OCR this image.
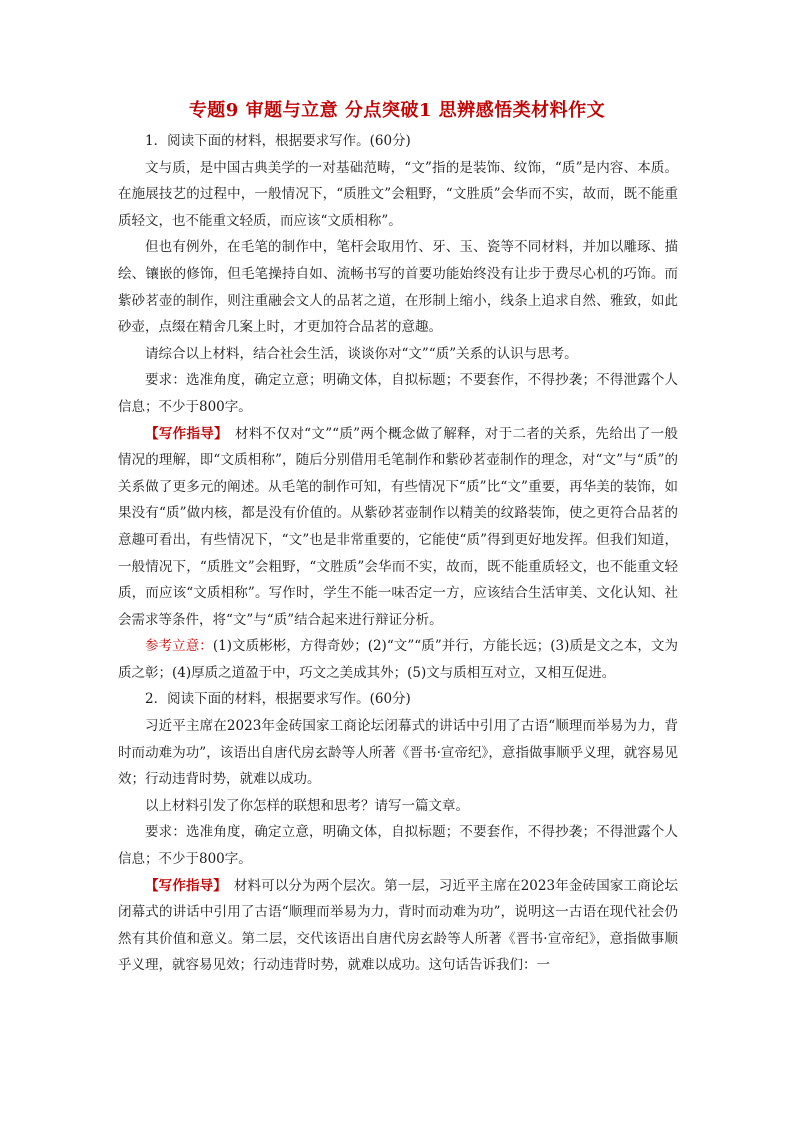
专题9 审题与立意 分点突破1 思辨感悟类材料作文

1．阅读下面的材料，根据要求写作。(60分)

文与质，是中国古典美学的一对基础范畴，“文”指的是装饰、纹饰，“质”是内容、本质。在施展技艺的过程中，一般情况下，“质胜文”会粗野，“文胜质”会华而不实，故而，既不能重质轻文，也不能重文轻质，而应该“文质相称”。

但也有例外，在毛笔的制作中，笔杆会取用竹、牙、玉、瓷等不同材料，并加以雕琢、描绘、镶嵌的修饰，但毛笔操持自如、流畅书写的首要功能始终没有让步于费尽心机的巧饰。而紫砂茗壶的制作，则注重融会文人的品茗之道，在形制上缩小，线条上追求自然、雅致，如此砂壶，点缀在精舍几案上时，才更加符合品茗的意趣。

请综合以上材料，结合社会生活，谈谈你对“文”“质”关系的认识与思考。

要求：选准角度，确定立意；明确文体，自拟标题；不要套作，不得抄袭；不得泄露个人信息；不少于800字。

【写作指导】　材料不仅对“文”“质”两个概念做了解释，对于二者的关系，先给出了一般情况的理解，即“文质相称”，随后分别借用毛笔制作和紫砂茗壶制作的理念，对“文”与“质”的关系做了更多元的阐述。从毛笔的制作可知，有些情况下“质”比“文”重要，再华美的装饰，如果没有“质”做内核，都是没有价值的。从紫砂茗壶制作以精美的纹路装饰，使之更符合品茗的意趣可看出，有些情况下，“文”也是非常重要的，它能使“质”得到更好地发挥。但我们知道，一般情况下，“质胜文”会粗野，“文胜质”会华而不实，故而，既不能重质轻文，也不能重文轻质，而应该“文质相称”。写作时，学生不能一味否定一方，应该结合生活审美、文化认知、社会需求等条件，将“文”与“质”结合起来进行辩证分析。

参考立意：(1)文质彬彬，方得奇妙；(2)“文”“质”并行，方能长远；(3)质是文之本，文为质之彰；(4)厚质之道盈于中，巧文之美成其外；(5)文与质相互对立，又相互促进。

2．阅读下面的材料，根据要求写作。(60分)

习近平主席在2023年金砖国家工商论坛闭幕式的讲话中引用了古语“顺理而举易为力，背时而动难为功”，该语出自唐代房玄龄等人所著《晋书·宣帝纪》，意指做事顺乎义理，就容易见效；行动违背时势，就难以成功。

以上材料引发了你怎样的联想和思考？请写一篇文章。

要求：选准角度，确定立意，明确文体，自拟标题；不要套作，不得抄袭；不得泄露个人信息；不少于800字。

【写作指导】　材料可以分为两个层次。第一层，习近平主席在2023年金砖国家工商论坛闭幕式的讲话中引用了古语“顺理而举易为力，背时而动难为功”，说明这一古语在现代社会仍然有其价值和意义。第二层，交代该语出自唐代房玄龄等人所著《晋书·宣帝纪》，意指做事顺乎义理，就容易见效；行动违背时势，就难以成功。这句话告诉我们：一
